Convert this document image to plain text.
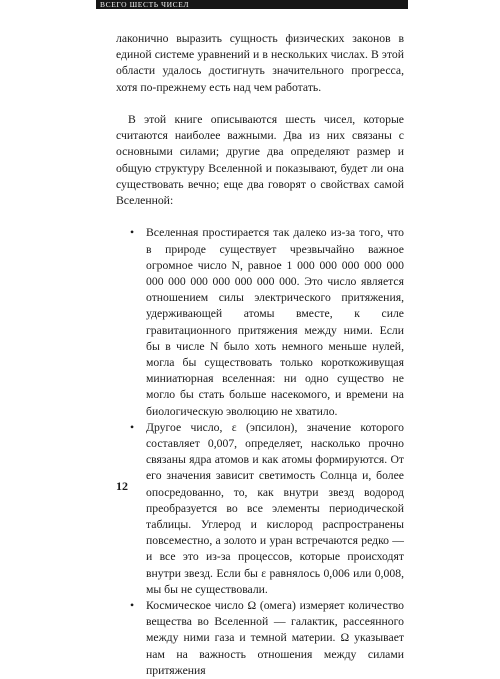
ВСЕГО ШЕСТЬ ЧИСЕЛ

лаконично выразить сущность физических законов в единой системе уравнений и в нескольких числах. В этой области удалось достигнуть значительного прогресса, хотя по-прежнему есть над чем работать.

В этой книге описываются шесть чисел, которые считаются наиболее важными. Два из них связаны с основными силами; другие два определяют размер и общую структуру Вселенной и показывают, будет ли она существовать вечно; еще два говорят о свойствах самой Вселенной:

• Вселенная простирается так далеко из-за того, что в природе существует чрезвычайно важное огромное число N, равное 1 000 000 000 000 000 000 000 000 000 000 000 000. Это число является отношением силы электрического притяжения, удерживающей атомы вместе, к силе гравитационного притяжения между ними. Если бы в числе N было хоть немного меньше нулей, могла бы существовать только короткоживущая миниатюрная вселенная: ни одно существо не могло бы стать больше насекомого, и времени на биологическую эволюцию не хватило.

• Другое число, ε (эпсилон), значение которого составляет 0,007, определяет, насколько прочно связаны ядра атомов и как атомы формируются. От его значения зависит светимость Солнца и, более опосредованно, то, как внутри звезд водород преобразуется во все элементы периодической таблицы. Углерод и кислород распространены повсеместно, а золото и уран встречаются редко — и все это из-за процессов, которые происходят внутри звезд. Если бы ε равнялось 0,006 или 0,008, мы бы не существовали.

• Космическое число Ω (омега) измеряет количество вещества во Вселенной — галактик, рассеянного между ними газа и темной материи. Ω указывает нам на важность отношения между силами притяжения

12
